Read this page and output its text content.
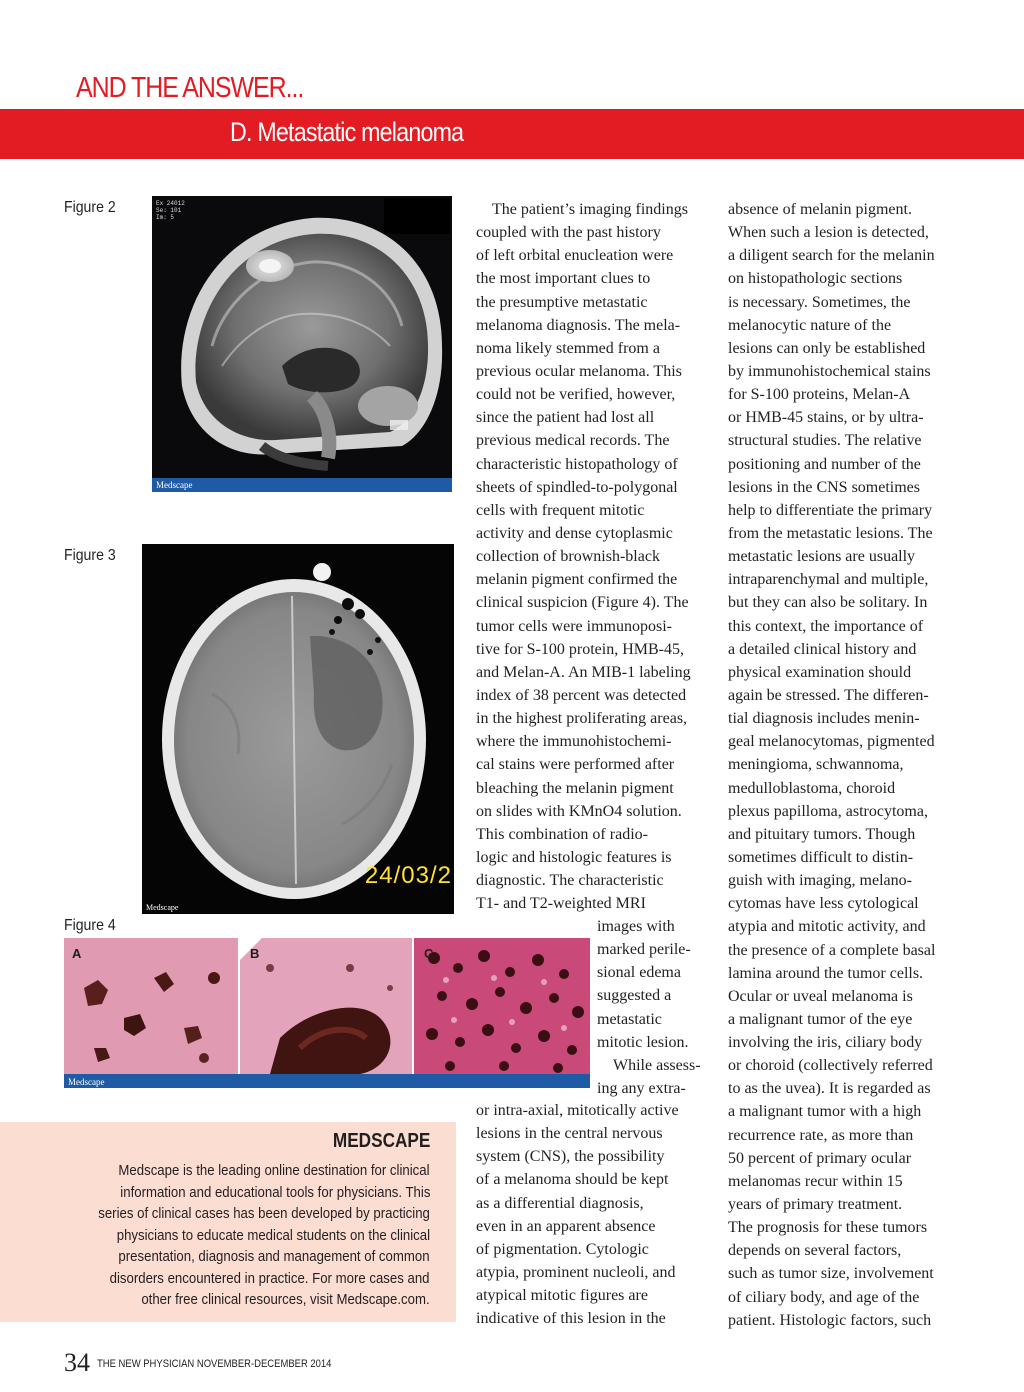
AND THE ANSWER...
D. Metastatic melanoma
Figure 2	Ex 24012
Se: 101
Im: 5
Medscape
Figure 3
24/03/2
Medscape
Figure 4
A	B	C
Medscape
The patient’s imaging findings
coupled with the past history
of left orbital enucleation were
the most important clues to
the presumptive metastatic
melanoma diagnosis. The mela-
noma likely stemmed from a
previous ocular melanoma. This
could not be verified, however,
since the patient had lost all
previous medical records. The
characteristic histopathology of
sheets of spindled-to-polygonal
cells with frequent mitotic
activity and dense cytoplasmic
collection of brownish-black
melanin pigment confirmed the
clinical suspicion (Figure 4). The
tumor cells were immunoposi-
tive for S-100 protein, HMB-45,
and Melan-A. An MIB-1 labeling
index of 38 percent was detected
in the highest proliferating areas,
where the immunohistochemi-
cal stains were performed after
bleaching the melanin pigment
on slides with KMnO4 solution.
This combination of radio-
logic and histologic features is
diagnostic. The characteristic
T1- and T2-weighted MRI
images with
marked perile-
sional edema
suggested a
metastatic
mitotic lesion.
While assess-
ing any extra-
or intra-axial, mitotically active
lesions in the central nervous
system (CNS), the possibility
of a melanoma should be kept
as a differential diagnosis,
even in an apparent absence
of pigmentation. Cytologic
atypia, prominent nucleoli, and
atypical mitotic figures are
indicative of this lesion in the
absence of melanin pigment.
When such a lesion is detected,
a diligent search for the melanin
on histopathologic sections
is necessary. Sometimes, the
melanocytic nature of the
lesions can only be established
by immunohistochemical stains
for S-100 proteins, Melan-A
or HMB-45 stains, or by ultra-
structural studies. The relative
positioning and number of the
lesions in the CNS sometimes
help to differentiate the primary
from the metastatic lesions. The
metastatic lesions are usually
intraparenchymal and multiple,
but they can also be solitary. In
this context, the importance of
a detailed clinical history and
physical examination should
again be stressed. The differen-
tial diagnosis includes menin-
geal melanocytomas, pigmented
meningioma, schwannoma,
medulloblastoma, choroid
plexus papilloma, astrocytoma,
and pituitary tumors. Though
sometimes difficult to distin-
guish with imaging, melano-
cytomas have less cytological
atypia and mitotic activity, and
the presence of a complete basal
lamina around the tumor cells.
Ocular or uveal melanoma is
a malignant tumor of the eye
involving the iris, ciliary body
or choroid (collectively referred
to as the uvea). It is regarded as
a malignant tumor with a high
recurrence rate, as more than
50 percent of primary ocular
melanomas recur within 15
years of primary treatment.
The prognosis for these tumors
depends on several factors,
such as tumor size, involvement
of ciliary body, and age of the
patient. Histologic factors, such
MEDSCAPE
Medscape is the leading online destination for clinical
information and educational tools for physicians. This
series of clinical cases has been developed by practicing
physicians to educate medical students on the clinical
presentation, diagnosis and management of common
disorders encountered in practice. For more cases and
other free clinical resources, visit Medscape.com.
34 THE NEW PHYSICIAN NOVEMBER-DECEMBER 2014
